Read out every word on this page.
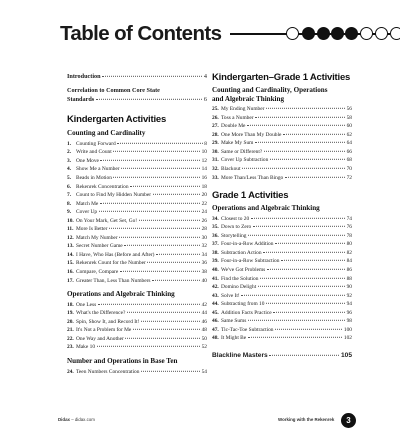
Table of Contents
Introduction	4
Correlation to Common Core State
Standards	6
Kindergarten Activities
Counting and Cardinality
1. Counting Forward	8
2. Write and Count	10
3. One Move	12
4. Show Me a Number	14
5. Beads in Motion	16
6. Rekenrek Concentration	18
7. Count to Find My Hidden Number	20
8. Match Me	22
9. Cover Up	24
10. On Your Mark, Get Set, Go!	26
11. More Is Better	28
12. Match My Number	30
13. Secret Number Game	32
14. I Have, Who Has (Before and After)	34
15. Rekenrek Count for the Number	36
16. Compare, Compare	38
17. Greater Than, Less Than Numbers	40
Operations and Algebraic Thinking
18. One Less	42
19. What's the Difference?	44
20. Spin, Show It, and Record It!	46
21. It's Not a Problem for Me	48
22. One Way and Another	50
23. Make 10	52
Number and Operations in Base Ten
24. Teen Numbers Concentration	54
Kindergarten–Grade 1 Activities
Counting and Cardinality, Operations
and Algebraic Thinking
25. My Ending Number	56
26. Toss a Number	58
27. Double Me	60
28. One More Than My Double	62
29. Make My Sum	64
30. Same or Different?	66
31. Cover Up Subtraction	68
32. Blackout	70
33. More Than/Less Than Bingo	72
Grade 1 Activities
Operations and Algebraic Thinking
34. Closest to 20	74
35. Down to Zero	76
36. Storytelling	78
37. Four-in-a-Row Addition	80
38. Subtraction Action	82
39. Four-in-a-Row Subtraction	84
40. We've Got Problems	86
41. Find the Solution	88
42. Domino Delight	90
43. Solve It!	92
44. Subtracting from 10	94
45. Addition Facts Practice	96
46. Same Sums	98
47. Tic-Tac-Toe Subtraction	100
48. It Might Be	102
Blackline Masters	105
Didax – didax.com	Working with the Rekenrek	3
